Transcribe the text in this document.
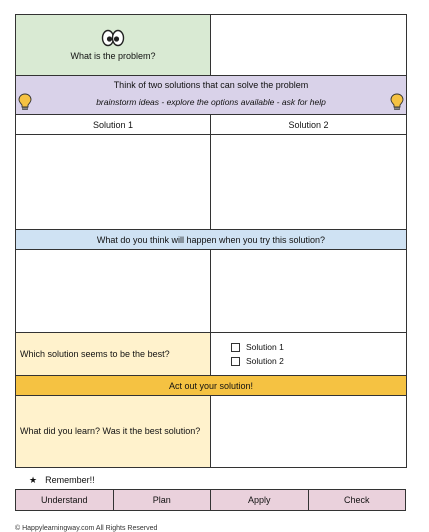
What is the problem?	

Think of two solutions that can solve the problem
brainstorm ideas - explore the options available - ask for help	

Solution 1	Solution 2

What do you think will happen when you try this solution?	

Which solution seems to be the best?	Solution 1
Solution 2

Act out your solution!	
What did you learn? Was it the best solution?	
★ Remember!!
Understand	Plan	Apply	Check
© Happylearningway.com All Rights Reserved
